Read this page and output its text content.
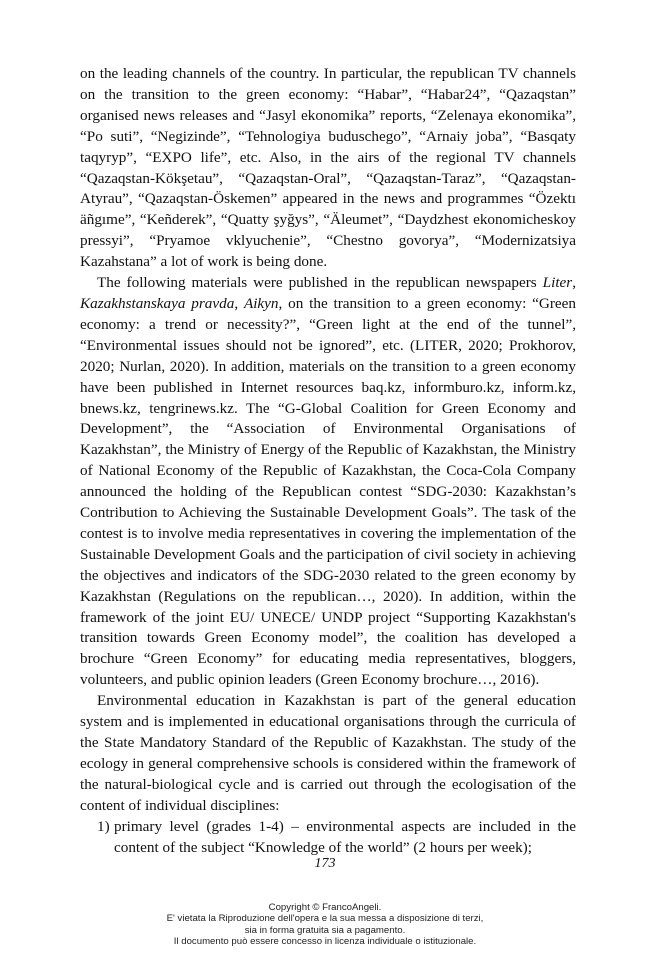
on the leading channels of the country. In particular, the republican TV channels on the transition to the green economy: “Habar”, “Habar24”, “Qazaqstan” organised news releases and “Jasyl ekonomika” reports, “Zelenaya ekonomika”, “Po suti”, “Negizinde”, “Tehnologiya buduschego”, “Arnaiy joba”, “Basqaty taqyryp”, “EXPO life”, etc. Also, in the airs of the regional TV channels “Qazaqstan-Kökşetau”, “Qazaqstan-Oral”, “Qazaqstan-Taraz”, “Qazaqstan-Atyrau”, “Qazaqstan-Öskemen” appeared in the news and programmes “Özektı äñgıme”, “Keñderek”, “Quatty şyğys”, “Äleumet”, “Daydzhest ekonomicheskoy pressyi”, “Pryamoe vklyuchenie”, “Chestno govorya”, “Modernizatsiya Kazahstana” a lot of work is being done.

The following materials were published in the republican newspapers Liter, Kazakhstanskaya pravda, Aikyn, on the transition to a green economy: “Green economy: a trend or necessity?”, “Green light at the end of the tunnel”, “Environmental issues should not be ignored”, etc. (LITER, 2020; Prokhorov, 2020; Nurlan, 2020). In addition, materials on the transition to a green economy have been published in Internet resources baq.kz, informburo.kz, inform.kz, bnews.kz, tengrinews.kz. The “G-Global Coalition for Green Economy and Development”, the “Association of Environmental Organisations of Kazakhstan”, the Ministry of Energy of the Republic of Kazakhstan, the Ministry of National Economy of the Republic of Kazakhstan, the Coca-Cola Company announced the holding of the Republican contest “SDG-2030: Kazakhstan’s Contribution to Achieving the Sustainable Development Goals”. The task of the contest is to involve media representatives in covering the implementation of the Sustainable Development Goals and the participation of civil society in achieving the objectives and indicators of the SDG-2030 related to the green economy by Kazakhstan (Regulations on the republican…, 2020). In addition, within the framework of the joint EU/ UNECE/ UNDP project “Supporting Kazakhstan's transition towards Green Economy model”, the coalition has developed a brochure “Green Economy” for educating media representatives, bloggers, volunteers, and public opinion leaders (Green Economy brochure…, 2016).

Environmental education in Kazakhstan is part of the general education system and is implemented in educational organisations through the curricula of the State Mandatory Standard of the Republic of Kazakhstan. The study of the ecology in general comprehensive schools is considered within the framework of the natural-biological cycle and is carried out through the ecologisation of the content of individual disciplines:

1) primary level (grades 1-4) – environmental aspects are included in the content of the subject “Knowledge of the world” (2 hours per week);
173
Copyright © FrancoAngeli.
E' vietata la Riproduzione dell'opera e la sua messa a disposizione di terzi,
sia in forma gratuita sia a pagamento.
Il documento può essere concesso in licenza individuale o istituzionale.
